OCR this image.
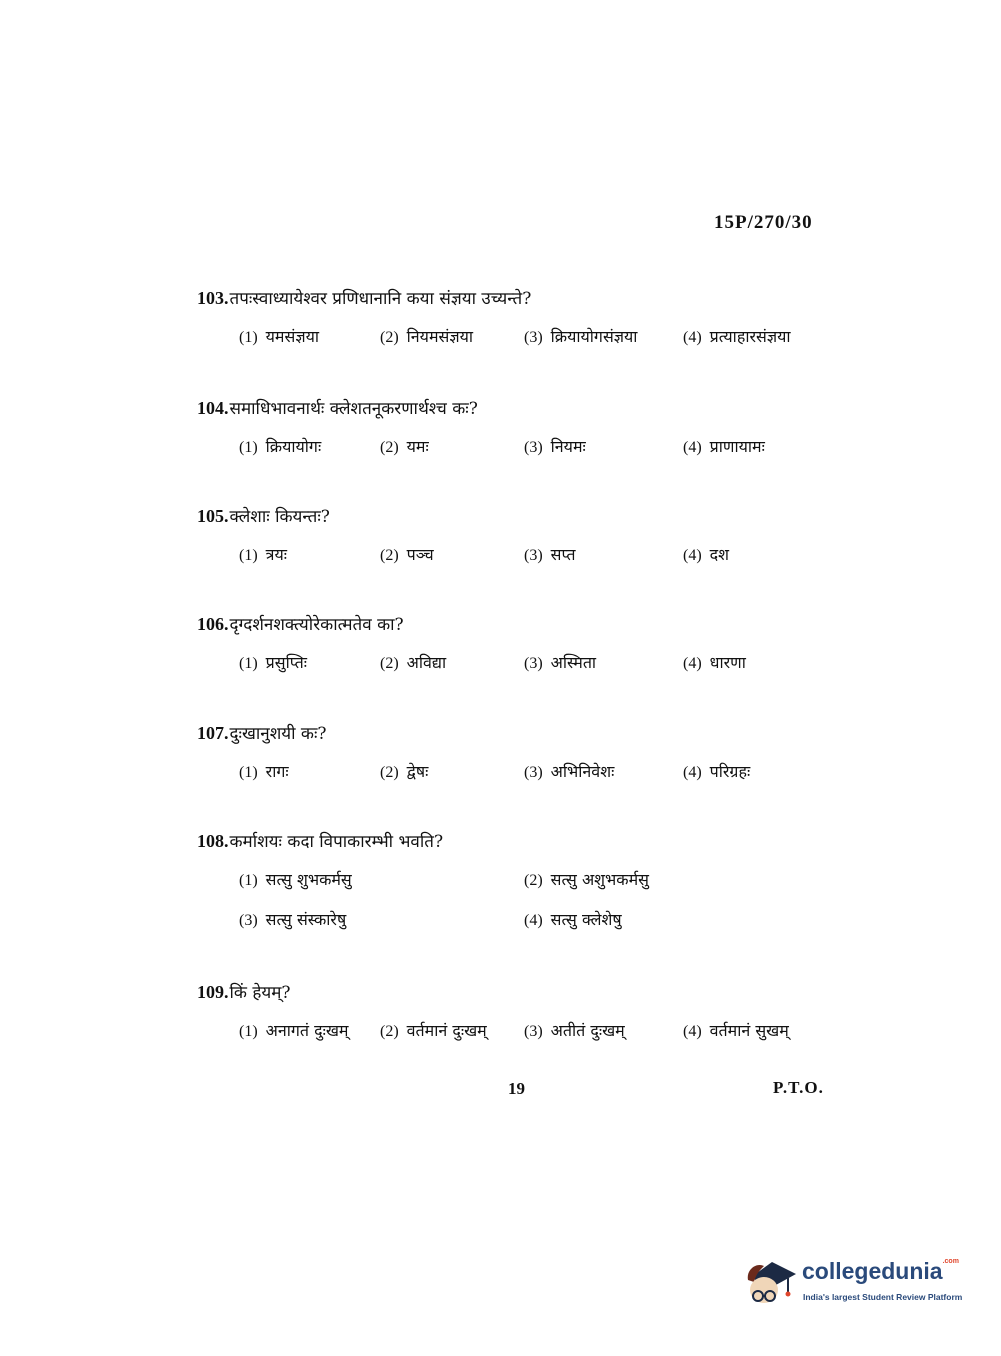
15P/270/30
103. तपःस्वाध्यायेश्वर प्रणिधानानि कया संज्ञया उच्यन्ते?
(1) यमसंज्ञया	(2) नियमसंज्ञया	(3) क्रियायोगसंज्ञया	(4) प्रत्याहारसंज्ञया
104. समाधिभावनार्थः क्लेशतनूकरणार्थश्च कः?
(1) क्रियायोगः	(2) यमः	(3) नियमः	(4) प्राणायामः
105. क्लेशाः कियन्तः?
(1) त्रयः	(2) पञ्च	(3) सप्त	(4) दश
106. दृग्दर्शनशक्त्योरेकात्मतेव का?
(1) प्रसुप्तिः	(2) अविद्या	(3) अस्मिता	(4) धारणा
107. दुःखानुशयी कः?
(1) रागः	(2) द्वेषः	(3) अभिनिवेशः	(4) परिग्रहः
108. कर्माशयः कदा विपाकारम्भी भवति?
(1) सत्सु शुभकर्मसु	(2) सत्सु अशुभकर्मसु
(3) सत्सु संस्कारेषु	(4) सत्सु क्लेशेषु
109. किं हेयम्?
(1) अनागतं दुःखम् (2) वर्तमानं दुःखम् (3) अतीतं दुःखम्	(4) वर्तमानं सुखम्
19	P.T.O.
collegedunia$^{.com}$
India's largest Student Review Platform
